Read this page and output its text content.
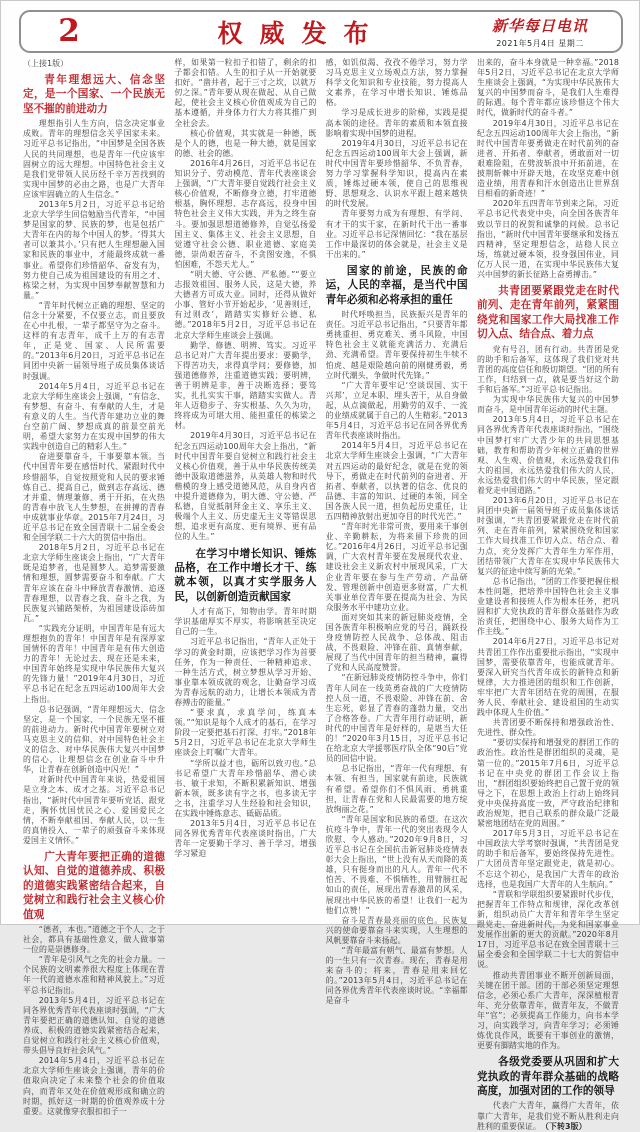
2	权威发布	新华每日电讯
2021年5月4日 星期二
（上接1版）
青年理想远大、信念坚定，是一个国家、一个民族无坚不摧的前进动力
理想指引人生方向，信念决定事业成败。青年的理想信念关乎国家未来。习近平总书记指出，“中国梦是全国各族人民的共同理想，也是青年一代应该牢固树立的远大理想。中国特色社会主义是我们党带领人民历经千辛万苦找到的实现中国梦的必由之路，也是广大青年应该牢固确立的人生信念。”
2013年5月2日，习近平总书记给北京大学学生回信勉励当代青年，“中国梦是国家的梦、民族的梦，也是包括广大青年在内的每个中国人的梦。‘得其大者可以兼其小。’只有把人生理想融入国家和民族的事业中，才能最终成就一番事业。希望你们珍惜韶华、奋发有为，努力使自己成为祖国建设的有用之才、栋梁之材，为实现中国梦奉献智慧和力量。”
“青年时代树立正确的理想、坚定的信念十分紧要，不仅要立志，而且要放在心中扎根，一辈子都坚守为之奋斗。这样的有志青年，成千上万的有志青年，正是党、国家、人民所需要的。”2013年6月20日，习近平总书记在同团中央新一届领导班子成员集体谈话时强调。
2014年5月4日，习近平总书记在北京大学师生座谈会上强调，“有信念、有梦想、有奋斗、有奉献的人生，才是有意义的人生。当代青年建功立业的舞台空前广阔、梦想成真的前景空前光明，希望大家努力在实现中国梦的伟大实践中创造自己的精彩人生。”
奋进要靠奋斗，干事要靠本领。当代中国青年要在感悟时代、紧跟时代中珍惜韶华，自觉按照党和人民的要求锤炼自己、提高自己，做到志存高远、德才并重、情理兼修、勇于开拓，在火热的青春中放飞人生梦想，在拼搏的青春中成就事业华章。2015年7月24日，习近平总书记在致全国青联十二届全委会和全国学联二十六大的贺信中指出。
2018年5月2日，习近平总书记在北京大学师生座谈会上指出，“广大青年既是追梦者，也是圆梦人。追梦需要激情和理想，圆梦需要奋斗和奉献。广大青年应该在奋斗中释放青春激情、追逐青春理想，以青春之我、奋斗之我，为民族复兴铺路架桥，为祖国建设添砖加瓦。”
“实践充分证明，中国青年是有远大理想抱负的青年！中国青年是有深厚家国情怀的青年！中国青年是有伟大创造力的青年！无论过去、现在还是未来，中国青年始终是实现中华民族伟大复兴的先锋力量！”2019年4月30日，习近平总书记在纪念五四运动100周年大会上指出。
总书记强调，“青年理想远大、信念坚定，是一个国家、一个民族无坚不摧的前进动力。新时代中国青年要树立对马克思主义的信仰、对中国特色社会主义的信念、对中华民族伟大复兴中国梦的信心，让理想信念在创业奋斗中升华，让青春在创新创造中闪光！”
对新时代中国青年来说，热爱祖国是立身之本、成才之基。习近平总书记指出，“新时代中国青年要听党话、跟党走，胸怀忧国忧民之心、爱国爱民之情，不断奉献祖国、奉献人民，以一生的真情投入、一辈子的顽强奋斗来体现爱国主义情怀。”
广大青年要把正确的道德认知、自觉的道德养成、积极的道德实践紧密结合起来，自觉树立和践行社会主义核心价值观
“德者，本也。”道德之于个人、之于社会，都具有基础性意义，做人做事第一位的是崇德修身。
“青年是引风气之先的社会力量。一个民族的文明素养很大程度上体现在青年一代的道德水准和精神风貌上。”习近平总书记指出。
2013年5月4日，习近平总书记在同各界优秀青年代表座谈时强调，“广大青年要把正确的道德认知、自觉的道德养成、积极的道德实践紧密结合起来，自觉树立和践行社会主义核心价值观，带头倡导良好社会风气。”
2014年5月4日，习近平总书记在北京大学师生座谈会上强调，青年的价值取向决定了未来整个社会的价值取向，而青年又处在价值观形成和确立的时期，抓好这一时期的价值观养成十分重要。这就像穿衣服扣扣子一
样，如果第一粒扣子扣错了，剩余的扣子都会扣错。人生的扣子从一开始就要扣好。“凿井者，起于三寸之坎，以就万仞之深。”青年要从现在做起、从自己做起，使社会主义核心价值观成为自己的基本遵循，并身体力行大力将其推广到全社会去。
核心价值观，其实就是一种德，既是个人的德，也是一种大德，就是国家的德、社会的德。
2016年4月26日，习近平总书记在知识分子、劳动模范、青年代表座谈会上强调，“广大青年要自觉践行社会主义核心价值观，不断修身立德，打牢道德根基，胸怀理想、志存高远，投身中国特色社会主义伟大实践，并为之终生奋斗。要加强思想道德修养，自觉弘扬爱国主义、集体主义、社会主义思想，自觉遵守社会公德、职业道德、家庭美德，崇尚艰苦奋斗，不贪图安逸，不惧怕困难，不怨天尤人。”
“明大德、守公德、严私德。”“要立志报效祖国、服务人民，这是大德，养大德者方可成大业。同时，还得从做好小事、管好小节开始起步，‘见善则迁，有过则改’，踏踏实实修好公德、私德。”2018年5月2日，习近平总书记在北京大学师生座谈会上强调。
勤学、修德、明辨、笃实。习近平总书记对广大青年提出要求：要勤学，下得苦功夫，求得真学问；要修德，加强道德修养，注重道德实践；要明辨，善于明辨是非，善于决断选择；要笃实，扎扎实实干事，踏踏实实做人。青年人迈稳步子、夯实根基、久久为功，终将成为可堪大用、能担重任的栋梁之材。
2019年4月30日，习近平总书记在纪念五四运动100周年大会上指出，“新时代中国青年要自觉树立和践行社会主义核心价值观，善于从中华民族传统美德中汲取道德滋养，从英雄人物和时代楷模的身上感受道德风范，从自身内省中提升道德修为，明大德、守公德、严私德，自觉抵制拜金主义、享乐主义、极端个人主义、历史虚无主义等错误思想，追求更有高度、更有境界、更有品位的人生。”
在学习中增长知识、锤炼品格，在工作中增长才干、练就本领，以真才实学服务人民，以创新创造贡献国家
人才有高下，知物由学。青年时期学识基础厚实不厚实，将影响甚至决定自己的一生。
习近平总书记指出，“青年人正处于学习的黄金时期，应该把学习作为首要任务，作为一种责任、一种精神追求、一种生活方式，树立梦想从学习开始、事业靠本领成就的观念，让勤奋学习成为青春远航的动力，让增长本领成为青春搏击的能量。”
“要求真，求真学问，练真本领。”“知识是每个人成才的基石，在学习阶段一定要把基石打深、打牢。”2018年5月2日，习近平总书记在北京大学师生座谈会上叮嘱广大青年。
“学所以益才也，砺所以致刃也。”总书记希望广大青年珍惜韶华、潜心读书、敏于求知，不断积累新知识、增强新本领，既多读有字之书，也多读无字之书，注重学习人生经验和社会知识，在实践中锤炼意志、砥砺品质。
2013年5月4日，习近平总书记在同各界优秀青年代表座谈时指出，广大青年一定要勤于学习、善于学习，增强学习紧迫
感，如饥似渴、孜孜不倦学习，努力学习马克思主义立场观点方法，努力掌握科学文化知识和专业技能，努力提高人文素养，在学习中增长知识、锤炼品格。
学习是成长进步的阶梯，实践是提高本领的途径。青年的素质和本领直接影响着实现中国梦的进程。
2019年4月30日，习近平总书记在纪念五四运动100周年大会上强调，新时代中国青年要珍惜韶华、不负青春，努力学习掌握科学知识，提高内在素质，锤炼过硬本领，使自己的思维视野、思想观念、认识水平跟上越来越快的时代发展。
青年要努力成为有理想、有学问、有才干的实干家，在新时代干出一番事业。习近平总书记深情回忆：“我在基层工作中最深切的体会就是，社会主义是干出来的。”
国家的前途，民族的命运，人民的幸福，是当代中国青年必须和必将承担的重任
时代呼唤担当，民族振兴是青年的责任。习近平总书记指出，“只要青年都勇挑重担、勇克难关、勇斗风险，中国特色社会主义就能充满活力、充满后劲、充满希望。青年要保持初生牛犊不怕虎、越是艰险越向前的刚健勇毅，勇立时代潮头，争做时代先锋。”
“广大青年要牢记‘空谈误国、实干兴邦’，立足本职、埋头苦干，从自身做起，从点滴做起，用勤劳的双手、一流的业绩成就属于自己的人生精彩。”2013年5月4日，习近平总书记在同各界优秀青年代表座谈时指出。
2014年5月4日，习近平总书记在北京大学师生座谈会上强调，“广大青年对五四运动的最好纪念，就是在党的领导下，勇做走在时代前列的奋进者、开拓者、奉献者，以执著的信念、优良的品德、丰富的知识、过硬的本领，同全国各族人民一道，担负起历史重任，让五四精神放射出更加夺目的时代光芒。”
“青年时光非常可贵，要用来干事创业、辛勤耕耘，为将来留下珍贵的回忆。”2016年4月26日，习近平总书记强调，广大农村青年要在发展现代农业、建设社会主义新农村中展现风采，广大企业青年要在参与生产劳动、产品研发、管理创新中创造更多财富，广大机关事业单位青年要在提高为社会、为民众服务水平中建功立业。
面对突如其来的新冠肺炎疫情，全国各族青年积极响应党的号召，踊跃投身疫情防控人民战争、总体战、阻击战，不畏艰险、冲锋在前、真情奉献，展现了当代中国青年的担当精神，赢得了党和人民高度赞誉。
“在新冠肺炎疫情防控斗争中，你们青年人同在一线英勇奋战的广大疫情防控人员一道，不畏艰险、冲锋在前、舍生忘死，彰显了青春的蓬勃力量，交出了合格答卷。广大青年用行动证明，新时代的中国青年是好样的，是堪当大任的！”2020年3月15日，习近平总书记在给北京大学援鄂医疗队全体“90后”党员的回信中说。
总书记指出，“青年一代有理想、有本领、有担当，国家就有前途，民族就有希望。希望你们不惧风雨、勇挑重担，让青春在党和人民最需要的地方绽放绚丽之花。”
“青年是国家和民族的希望。在这次抗疫斗争中，青年一代的突出表现令人欣慰、令人感动。”2020年9月8日，习近平总书记在全国抗击新冠肺炎疫情表彰大会上指出，“世上没有从天而降的英雄，只有挺身而出的凡人。青年一代不怕苦、不畏难、不惧牺牲，用臂膀扛起如山的责任，展现出青春激昂的风采，展现出中华民族的希望！让我们一起为他们点赞！”
奋斗是青春最亮丽的底色。民族复兴的使命要靠奋斗来实现，人生理想的风帆要靠奋斗来扬起。
“青年最富有朝气、最富有梦想。人的一生只有一次青春。现在，青春是用来奋斗的；将来，青春是用来回忆的。”2013年5月4日，习近平总书记在同各界优秀青年代表座谈时说。“幸福都是奋斗
出来的，奋斗本身就是一种幸福。”2018年5月2日，习近平总书记在北京大学师生座谈会上强调，“为实现中华民族伟大复兴的中国梦而奋斗，是我们人生难得的际遇。每个青年都应该珍惜这个伟大时代，做新时代的奋斗者。”
2019年4月30日，习近平总书记在纪念五四运动100周年大会上指出，“新时代中国青年要勇做走在时代前列的奋进者、开拓者、奉献者，勇敢面对一切艰难险阻，在劈波斩浪中开拓前进，在披荆斩棘中开辟天地，在攻坚克难中创造业绩，用青春和汗水创造出让世界刮目相看的新奇迹！”
2020年五四青年节到来之际，习近平总书记代表党中央，向全国各族青年致以节日的祝贺和诚挚的问候。总书记指出，“新时代中国青年要继承和发扬五四精神，坚定理想信念，站稳人民立场，练就过硬本领，投身强国伟业，同亿万人民一道，在实现中华民族伟大复兴中国梦的新长征路上奋勇搏击。”
共青团要紧跟党走在时代前列、走在青年前列，紧紧围绕党和国家工作大局找准工作切入点、结合点、着力点
党有号召，团有行动。共青团是党的助手和后备军，这体现了我们党对共青团的高度信任和殷切期望。“团的所有工作，归结到一点，就是要当好这个助手和后备军。”习近平总书记指出。
为实现中华民族伟大复兴的中国梦而奋斗，是中国青年运动的时代主题。
2013年5月4日，习近平总书记在同各界优秀青年代表座谈时指出，“围绕中国梦打牢广大青少年的共同思想基础，教育和帮助青少年树立正确的世界观、人生观、价值观，永远热爱我们伟大的祖国，永远热爱我们伟大的人民，永远热爱我们伟大的中华民族，坚定跟着党走中国道路。”
2013年6月20日，习近平总书记在同团中央新一届领导班子成员集体谈话时强调，“共青团要紧跟党走在时代前列、走在青年前列，紧紧围绕党和国家工作大局找准工作切入点、结合点、着力点，充分发挥广大青年生力军作用，团结带领广大青年在实现中华民族伟大复兴的征途中续写新的光荣。”
总书记指出，“团的工作要把握住根本性问题，把培养中国特色社会主义事业建设者和接班人作为根本任务，把巩固和扩大党执政的青年群众基础作为政治责任，把围绕中心、服务大局作为工作主线。”
2014年6月27日，习近平总书记对共青团工作作出重要批示指出，“实现中国梦，需要依靠青年，也能成就青年。要深入研究当代青年成长的新特点和新规律，大力推进团的组织和工作创新，牢牢把广大青年团结在党的周围，在服务人民、奉献社会、建设祖国的生动实践中体现人生价值。”
共青团要不断保持和增强政治性、先进性、群众性。
“要切实保持和增强党的群团工作的政治性。政治性是群团组织的灵魂，是第一位的。”2015年7月6日，习近平总书记在中央党的群团工作会议上指出，“群团组织要始终把自己置于党的领导之下，在思想上政治上行动上始终同党中央保持高度一致，严守政治纪律和政治规矩，把自己联系的群众最广泛最紧密地团结在党的周围。”
2017年5月3日，习近平总书记在中国政法大学考察时强调，“共青团是党的助手和后备军，要始终保持先进性。广大团员青年坚定跟党走，就是初心。不忘这个初心，是我国广大青年的政治选择，也是我国广大青年的人生航向。”
“青联和学联组织要紧跟时代步伐，把握青年工作特点和规律，深化改革创新，组织动员广大青年和青年学生坚定跟党走、奋进新时代，为党和国家事业发展作出新的更大的贡献。”2020年8月17日，习近平总书记在致全国青联十三届全委会和全国学联二十七大的贺信中说。
推动共青团事业不断开创新局面，关键在团干部。团的干部必须坚定理想信念，必须心系广大青年，深深植根青年、充分依靠青年，做青年友，不做青年“官”；必须提高工作能力，向书本学习，向实践学习，向青年学习；必须锤炼优良作风，既要有干事创业的激情，更要有脚踏实地的作为。
各级党委要从巩固和扩大党执政的青年群众基础的战略高度，加强对团的工作的领导
代表广大青年，赢得广大青年，依靠广大青年，是我们党不断从胜利走向胜利的重要保证。　（下转3版）
